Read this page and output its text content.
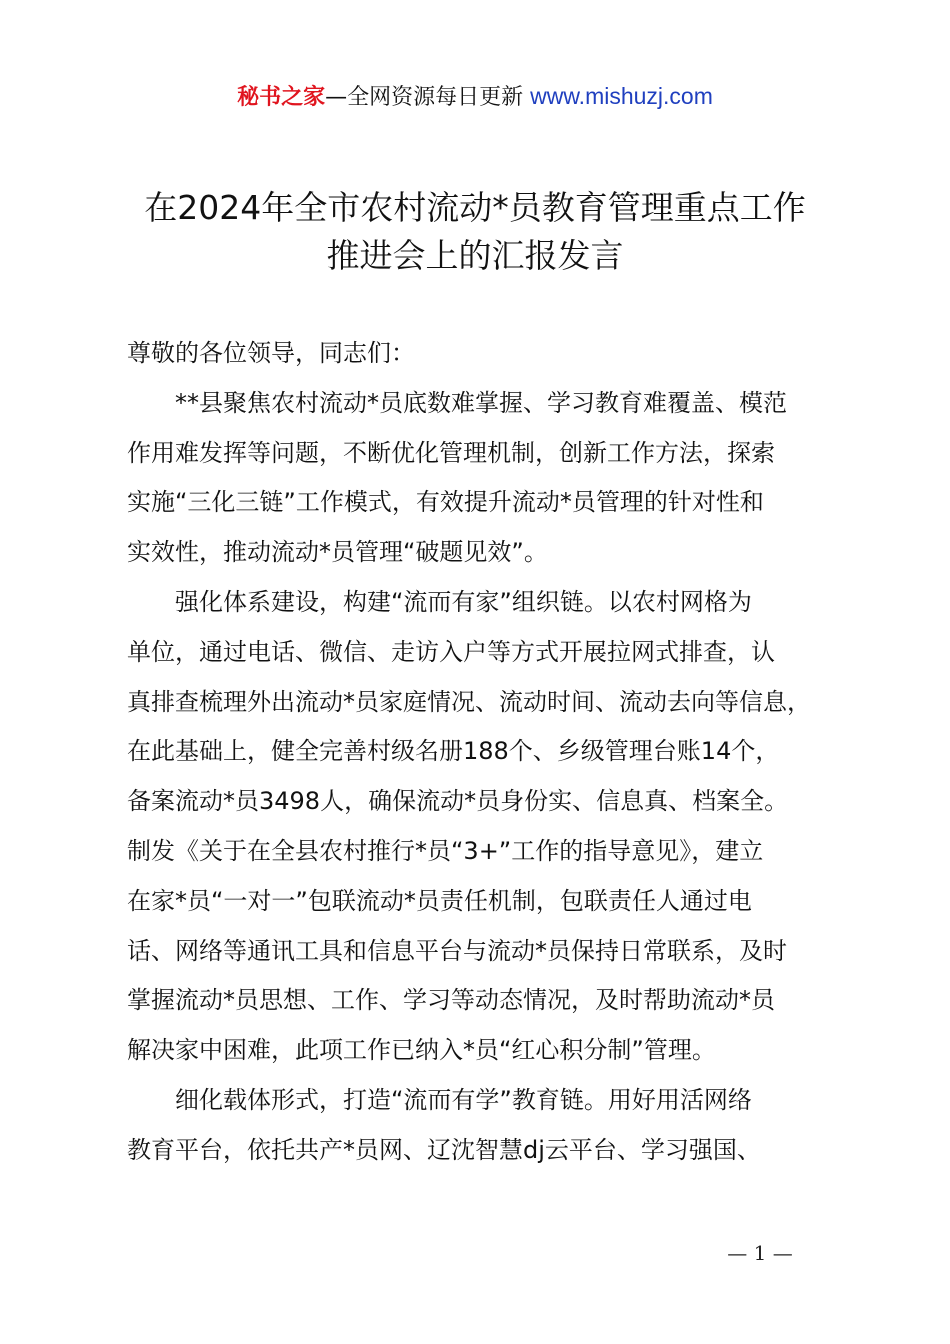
秘书之家—全网资源每日更新 www.mishuzj.com
在2024年全市农村流动*员教育管理重点工作
推进会上的汇报发言
尊敬的各位领导，同志们：
　　**县聚焦农村流动*员底数难掌握、学习教育难覆盖、模范
作用难发挥等问题，不断优化管理机制，创新工作方法，探索
实施“三化三链”工作模式，有效提升流动*员管理的针对性和
实效性，推动流动*员管理“破题见效”。
　　强化体系建设，构建“流而有家”组织链。以农村网格为
单位，通过电话、微信、走访入户等方式开展拉网式排查，认
真排查梳理外出流动*员家庭情况、流动时间、流动去向等信息，
在此基础上，健全完善村级名册188个、乡级管理台账14个，
备案流动*员3498人，确保流动*员身份实、信息真、档案全。
制发《关于在全县农村推行*员“3+”工作的指导意见》，建立
在家*员“一对一”包联流动*员责任机制，包联责任人通过电
话、网络等通讯工具和信息平台与流动*员保持日常联系，及时
掌握流动*员思想、工作、学习等动态情况，及时帮助流动*员
解决家中困难，此项工作已纳入*员“红心积分制”管理。
　　细化载体形式，打造“流而有学”教育链。用好用活网络
教育平台，依托共产*员网、辽沈智慧dj云平台、学习强国、
— 1 —
